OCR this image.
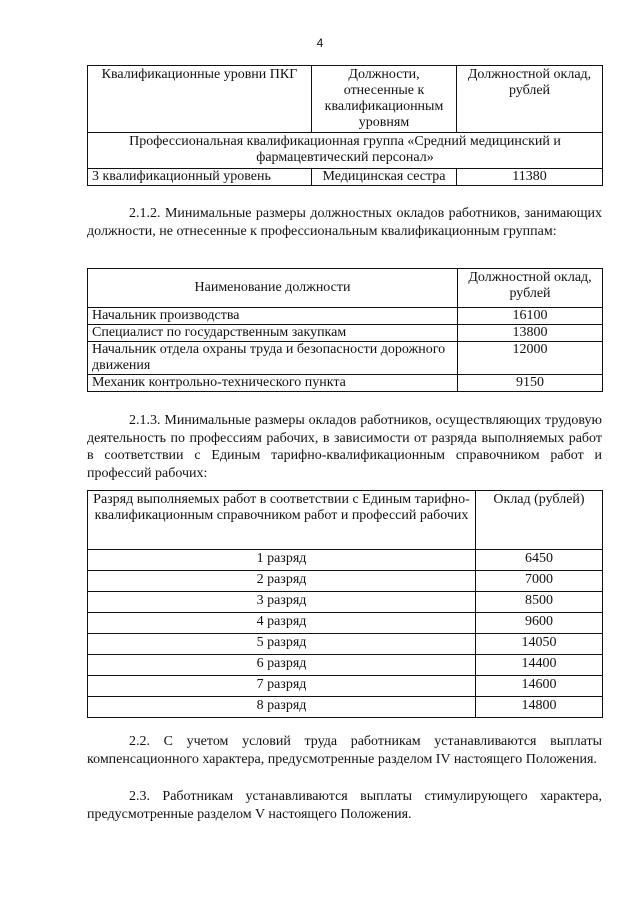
4
Квалификационные уровни ПКГ	Должности, отнесенные к квалификационным уровням	Должностной оклад, рублей
Профессиональная квалификационная группа «Средний медицинский и фармацевтический персонал»		
3 квалификационный уровень	Медицинская сестра	11380

2.1.2. Минимальные размеры должностных окладов работников, занимающих должности, не отнесенные к профессиональным квалификационным группам:

Наименование должности	Должностной оклад, рублей
Начальник производства	16100
Специалист по государственным закупкам	13800
Начальник отдела охраны труда и безопасности дорожного движения	12000
Механик контрольно-технического пункта	9150

2.1.3. Минимальные размеры окладов работников, осуществляющих трудовую деятельность по профессиям рабочих, в зависимости от разряда выполняемых работ в соответствии с Единым тарифно-квалификационным справочником работ и профессий рабочих:

Разряд выполняемых работ в соответствии с Единым тарифно-квалификационным справочником работ и профессий рабочих	Оклад (рублей)
1 разряд	6450
2 разряд	7000
3 разряд	8500
4 разряд	9600
5 разряд	14050
6 разряд	14400
7 разряд	14600
8 разряд	14800

2.2. С учетом условий труда работникам устанавливаются выплаты компенсационного характера, предусмотренные разделом IV настоящего Положения.

2.3. Работникам устанавливаются выплаты стимулирующего характера, предусмотренные разделом V настоящего Положения.
